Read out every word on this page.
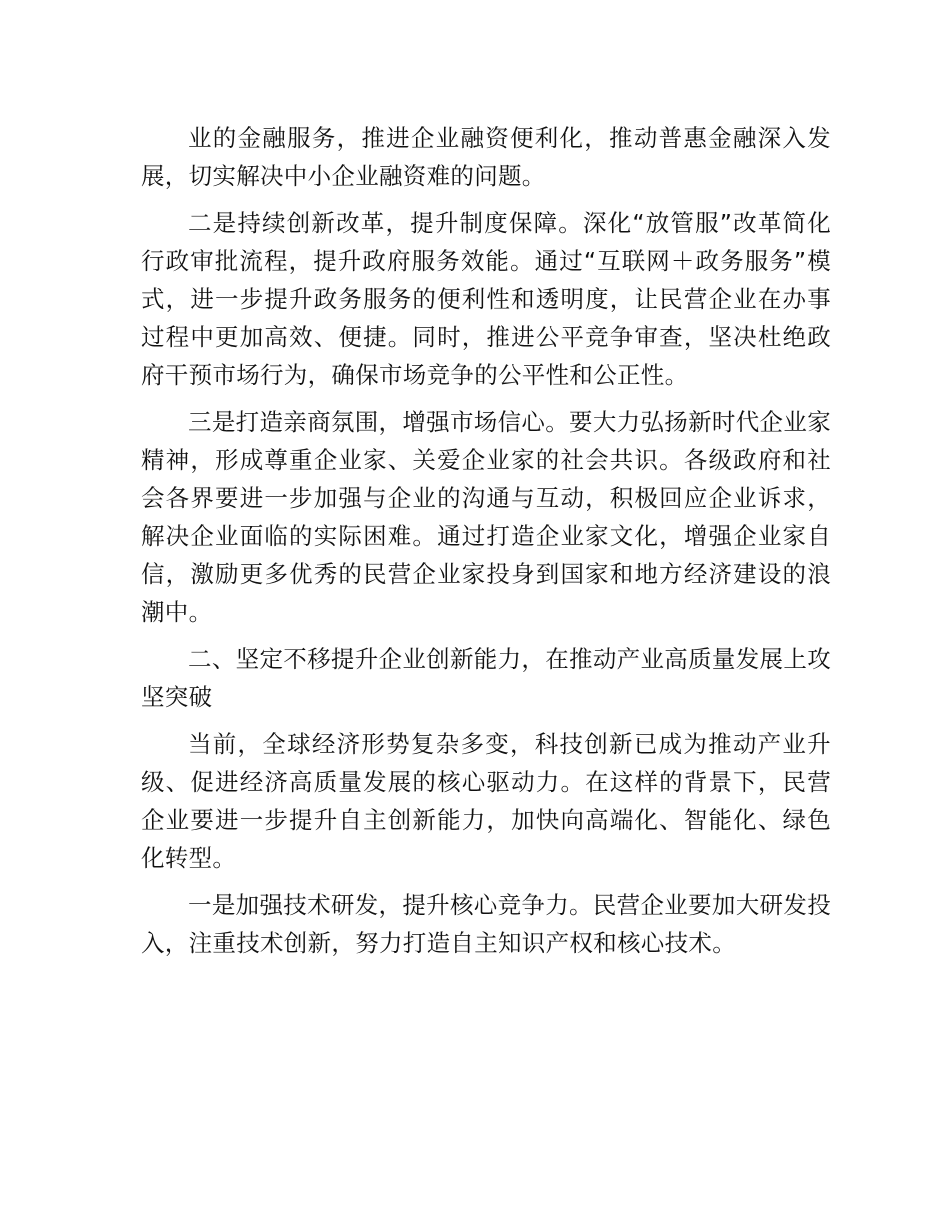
业的金融服务，推进企业融资便利化，推动普惠金融深入发展，切实解决中小企业融资难的问题。

二是持续创新改革，提升制度保障。深化“放管服”改革简化行政审批流程，提升政府服务效能。通过“互联网＋政务服务”模式，进一步提升政务服务的便利性和透明度，让民营企业在办事过程中更加高效、便捷。同时，推进公平竞争审查，坚决杜绝政府干预市场行为，确保市场竞争的公平性和公正性。

三是打造亲商氛围，增强市场信心。要大力弘扬新时代企业家精神，形成尊重企业家、关爱企业家的社会共识。各级政府和社会各界要进一步加强与企业的沟通与互动，积极回应企业诉求，解决企业面临的实际困难。通过打造企业家文化，增强企业家自信，激励更多优秀的民营企业家投身到国家和地方经济建设的浪潮中。

二、坚定不移提升企业创新能力，在推动产业高质量发展上攻坚突破

当前，全球经济形势复杂多变，科技创新已成为推动产业升级、促进经济高质量发展的核心驱动力。在这样的背景下，民营企业要进一步提升自主创新能力，加快向高端化、智能化、绿色化转型。

一是加强技术研发，提升核心竞争力。民营企业要加大研发投入，注重技术创新，努力打造自主知识产权和核心技术。
